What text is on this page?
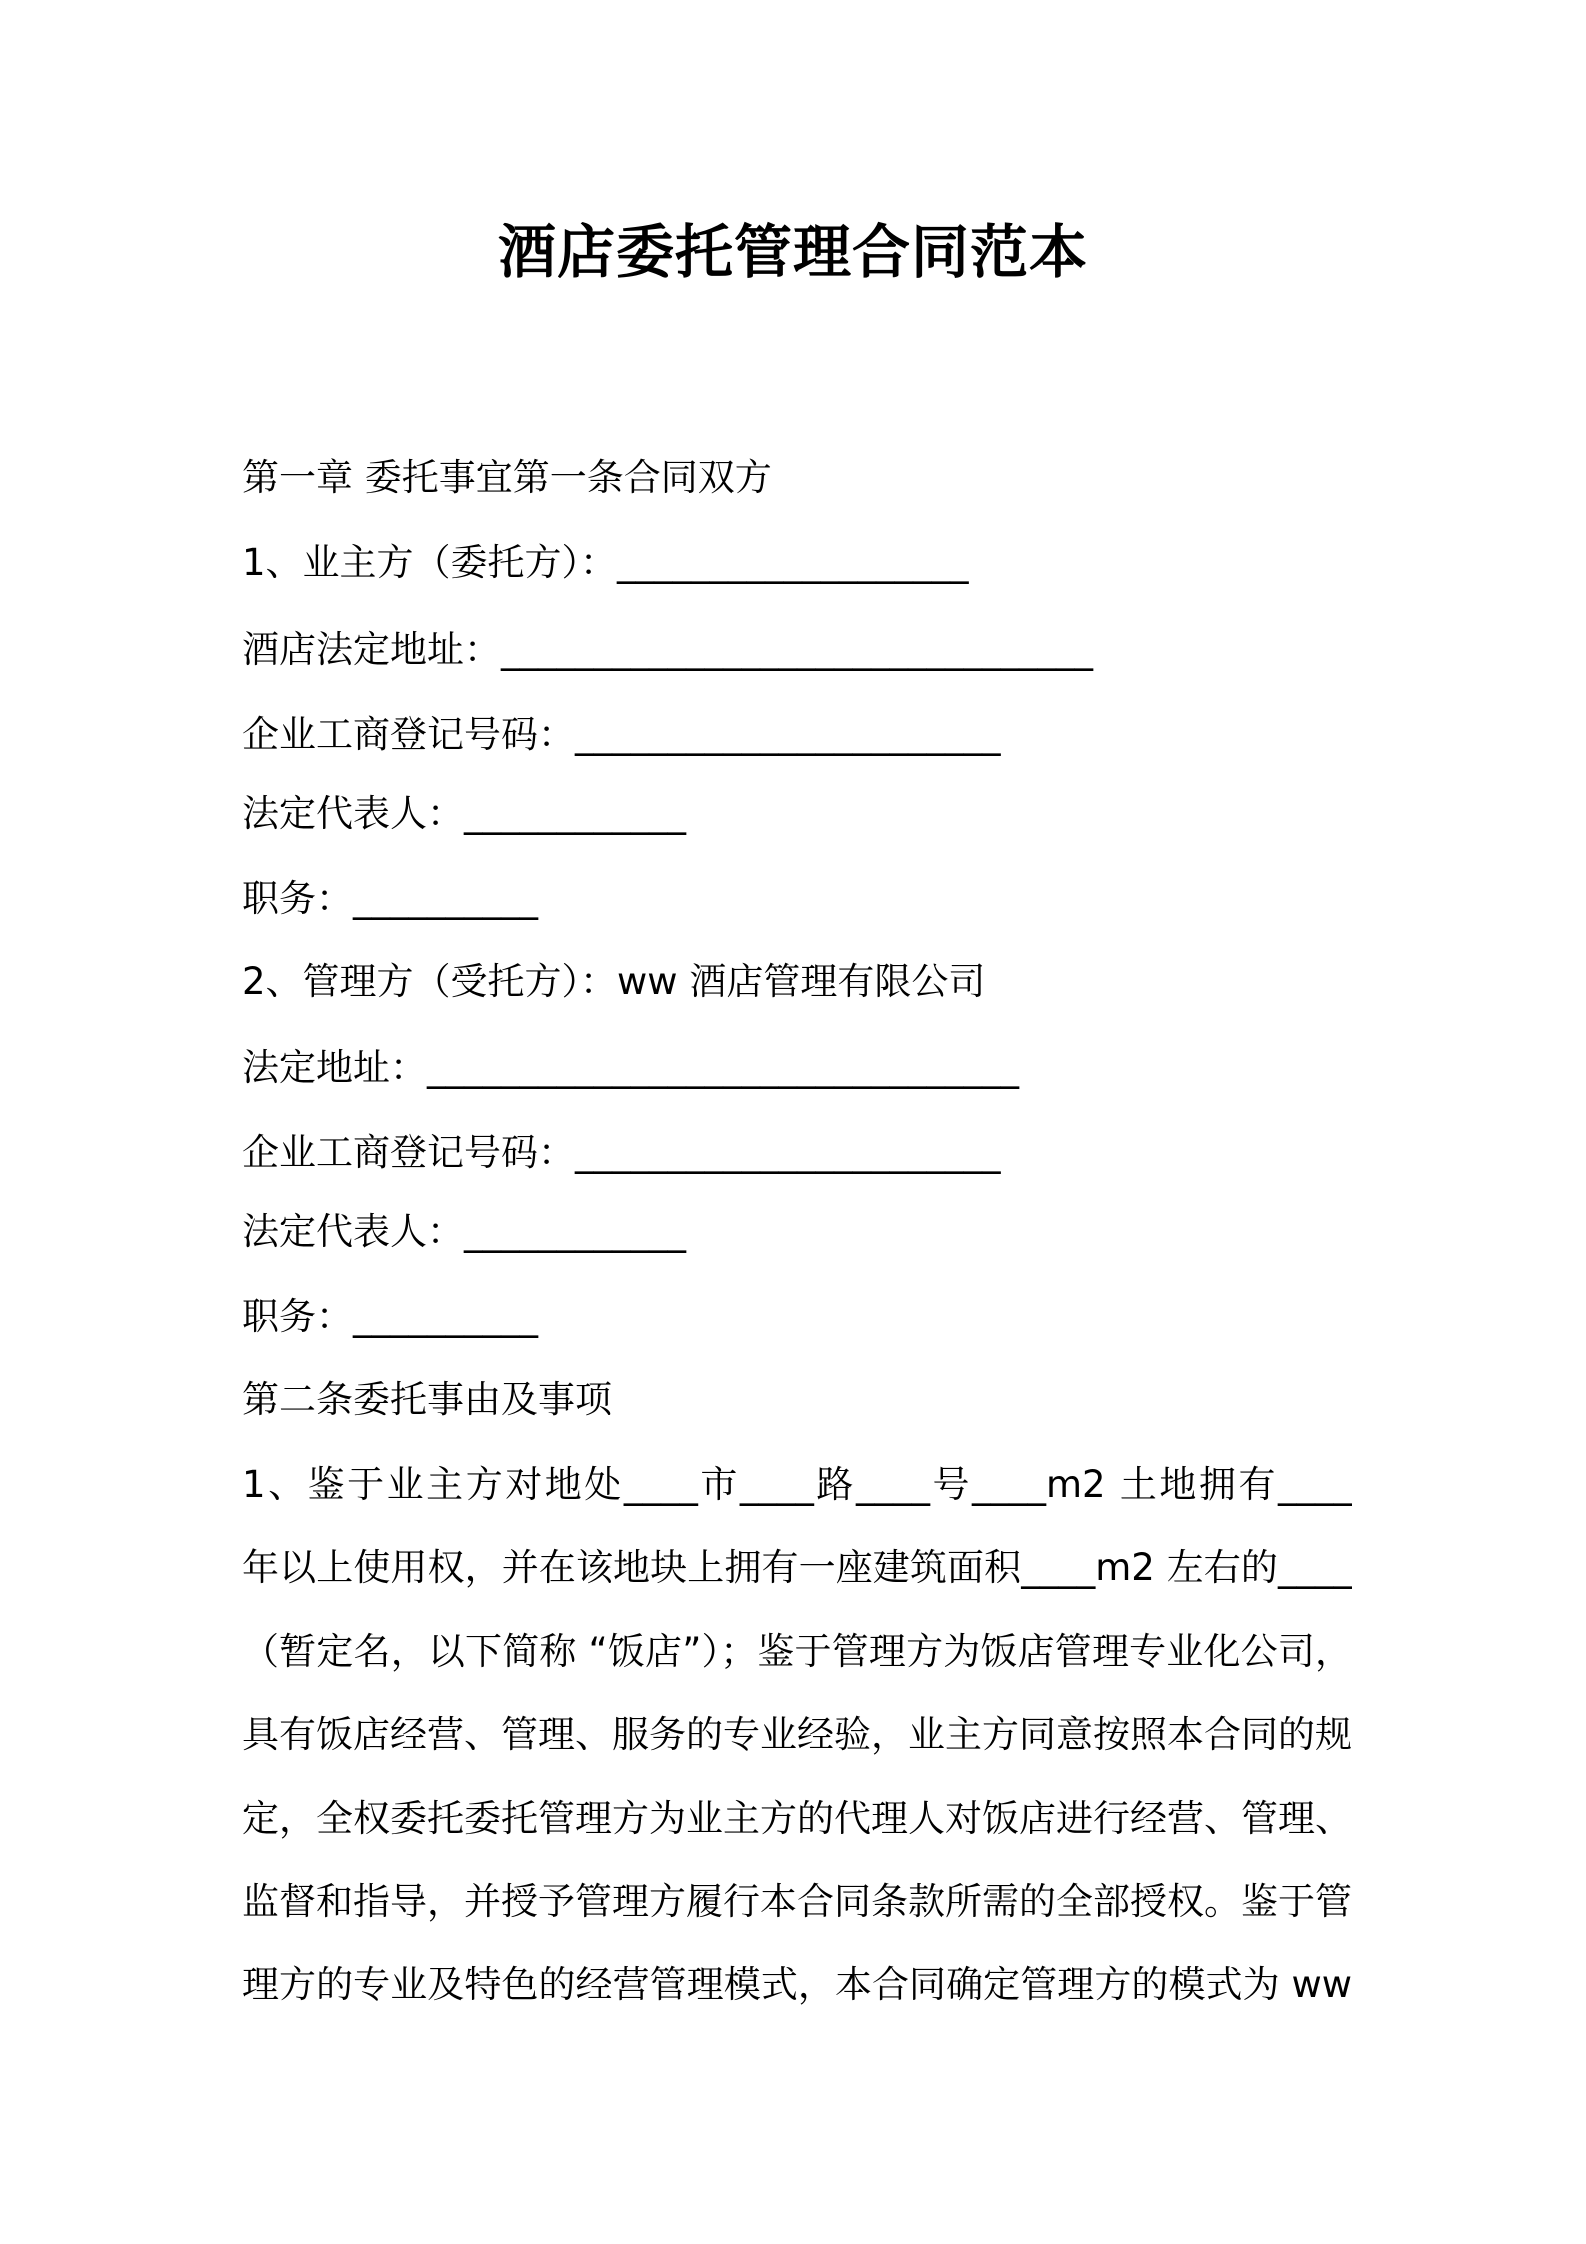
酒店委托管理合同范本
第一章 委托事宜第一条合同双方
1、业主方（委托方）：___________________
酒店法定地址：________________________________
企业工商登记号码：_______________________
法定代表人：____________
职务：__________
2、管理方（受托方）：ww 酒店管理有限公司
法定地址：________________________________
企业工商登记号码：_______________________
法定代表人：____________
职务：__________
第二条委托事由及事项
1、鉴于业主方对地处____市____路____号____m2 土地拥有____
年以上使用权，并在该地块上拥有一座建筑面积____m2 左右的____
（暂定名，以下简称 “饭店”）；鉴于管理方为饭店管理专业化公司，
具有饭店经营、管理、服务的专业经验，业主方同意按照本合同的规
定，全权委托委托管理方为业主方的代理人对饭店进行经营、管理、
监督和指导，并授予管理方履行本合同条款所需的全部授权。鉴于管
理方的专业及特色的经营管理模式，本合同确定管理方的模式为 ww
